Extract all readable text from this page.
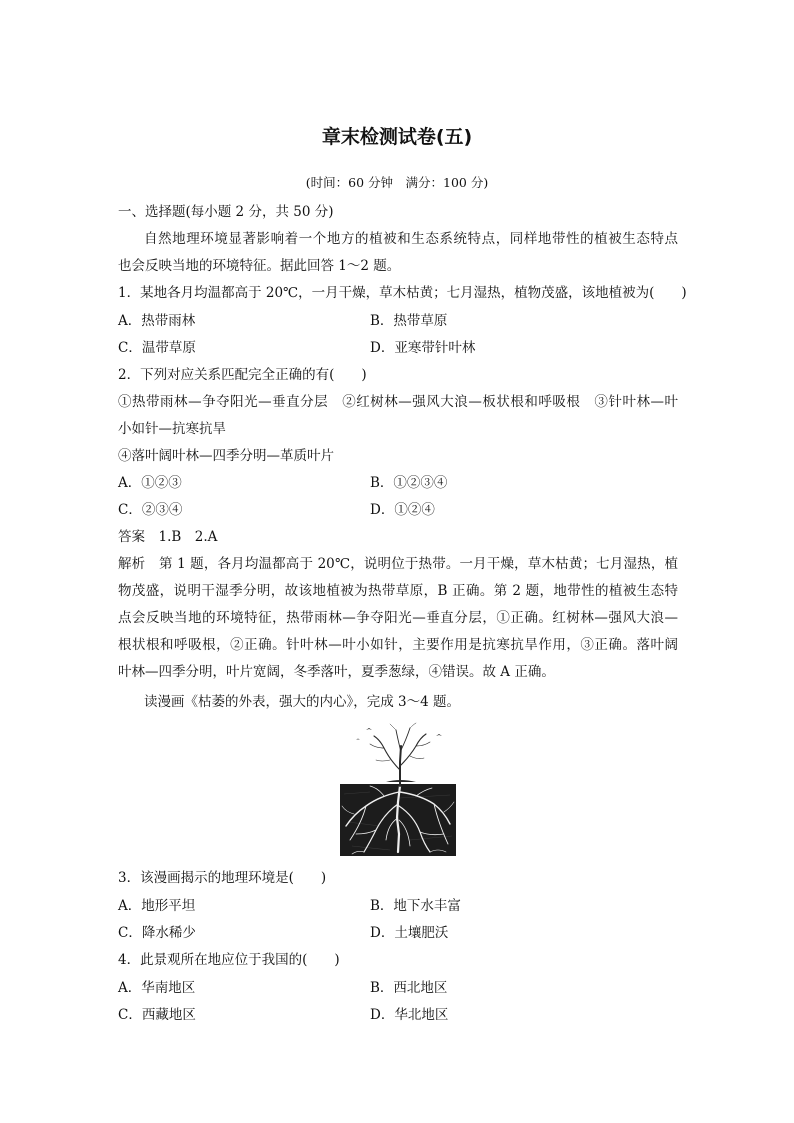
章末检测试卷(五)
(时间：60 分钟　满分：100 分)
一、选择题(每小题 2 分，共 50 分)
自然地理环境显著影响着一个地方的植被和生态系统特点，同样地带性的植被生态特点
也会反映当地的环境特征。据此回答 1～2 题。
1．某地各月均温都高于 20℃，一月干燥，草木枯黄；七月湿热，植物茂盛，该地植被为(　　)
A．热带雨林	B．热带草原
C．温带草原	D．亚寒带针叶林
2．下列对应关系匹配完全正确的有(　　)
①热带雨林—争夺阳光—垂直分层　②红树林—强风大浪—板状根和呼吸根　③针叶林—叶
小如针—抗寒抗旱
④落叶阔叶林—四季分明—革质叶片
A．①②③	B．①②③④
C．②③④	D．①②④
答案　1.B　2.A
解析　第 1 题，各月均温都高于 20℃，说明位于热带。一月干燥，草木枯黄；七月湿热，植
物茂盛，说明干湿季分明，故该地植被为热带草原，B 正确。第 2 题，地带性的植被生态特
点会反映当地的环境特征，热带雨林—争夺阳光—垂直分层，①正确。红树林—强风大浪—
根状根和呼吸根，②正确。针叶林—叶小如针，主要作用是抗寒抗旱作用，③正确。落叶阔
叶林—四季分明，叶片宽阔，冬季落叶，夏季葱绿，④错误。故 A 正确。
读漫画《枯萎的外表，强大的内心》，完成 3～4 题。
3．该漫画揭示的地理环境是(　　)
A．地形平坦	B．地下水丰富
C．降水稀少	D．土壤肥沃
4．此景观所在地应位于我国的(　　)
A．华南地区	B．西北地区
C．西藏地区	D．华北地区
